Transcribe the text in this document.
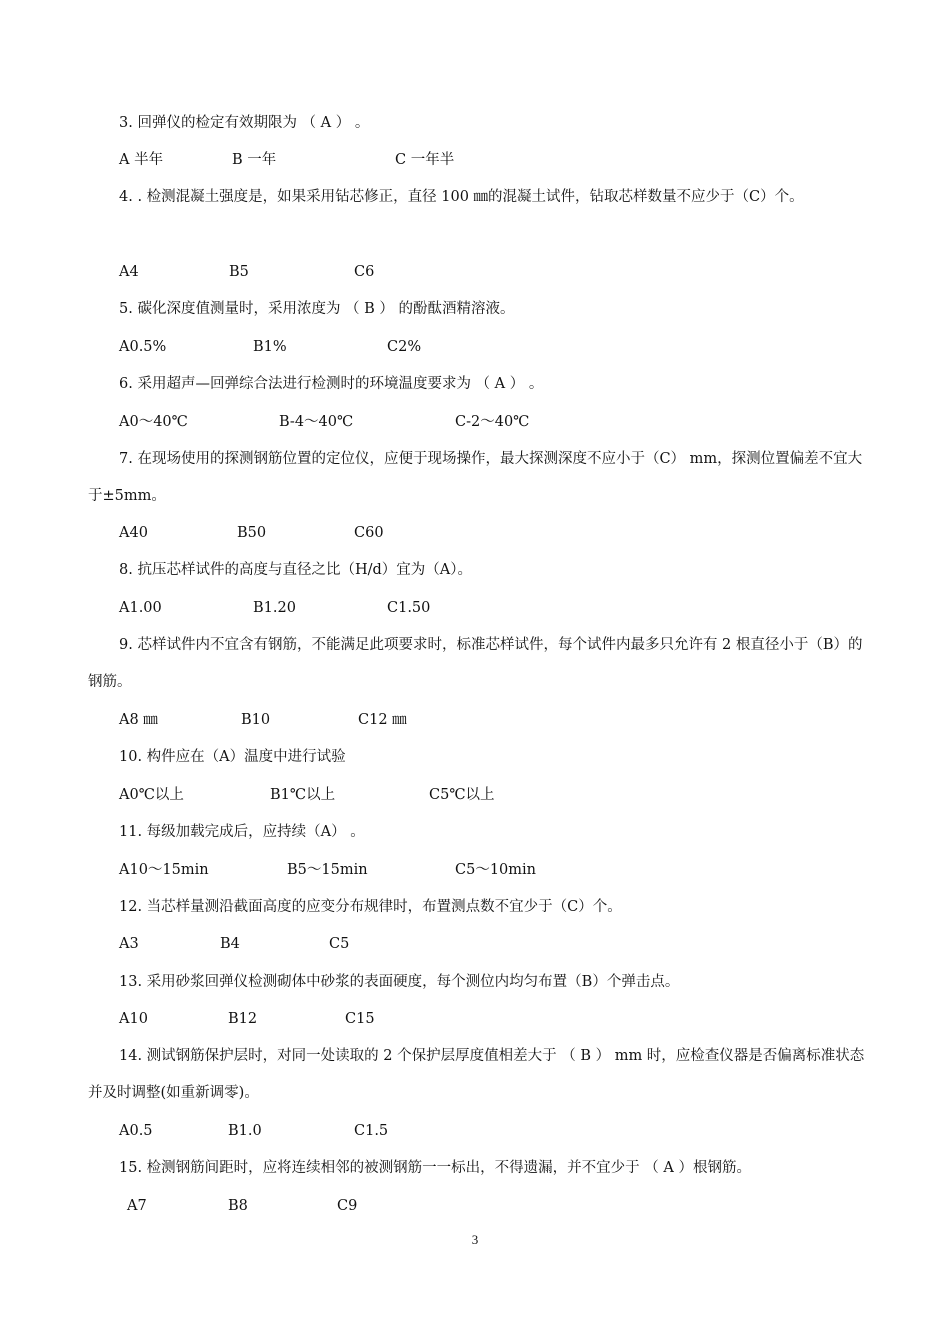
3. 回弹仪的检定有效期限为 （ A ） 。
A 半年	B 一年	C 一年半
4. . 检测混凝土强度是，如果采用钻芯修正，直径 100 ㎜的混凝土试件，钻取芯样数量不应少于（C）个。
A4	B5	C6
5. 碳化深度值测量时，采用浓度为 （ B ） 的酚酞酒精溶液。
A0.5%	B1%	C2%
6. 采用超声—回弹综合法进行检测时的环境温度要求为 （ A ） 。
A0～40℃	B-4～40℃	C-2～40℃
7. 在现场使用的探测钢筋位置的定位仪，应便于现场操作，最大探测深度不应小于（C） mm，探测位置偏差不宜大于±5mm。
A40	B50	C60
8. 抗压芯样试件的高度与直径之比（H/d）宜为（A）。
A1.00	B1.20	C1.50
9. 芯样试件内不宜含有钢筋，不能满足此项要求时，标准芯样试件，每个试件内最多只允许有 2 根直径小于（B）的钢筋。
A8 ㎜	B10	C12 ㎜
10. 构件应在（A）温度中进行试验
A0℃以上	B1℃以上	C5℃以上
11. 每级加载完成后，应持续（A） 。
A10～15min	B5～15min	C5～10min
12. 当芯样量测沿截面高度的应变分布规律时，布置测点数不宜少于（C）个。
A3	B4	C5
13. 采用砂浆回弹仪检测砌体中砂浆的表面硬度，每个测位内均匀布置（B）个弹击点。
A10	B12	C15
14. 测试钢筋保护层时，对同一处读取的 2 个保护层厚度值相差大于 （ B ） mm 时，应检查仪器是否偏离标准状态并及时调整(如重新调零)。
A0.5	B1.0	C1.5
15. 检测钢筋间距时，应将连续相邻的被测钢筋一一标出，不得遗漏，并不宜少于 （ A ）根钢筋。
A7	B8	C9
3
